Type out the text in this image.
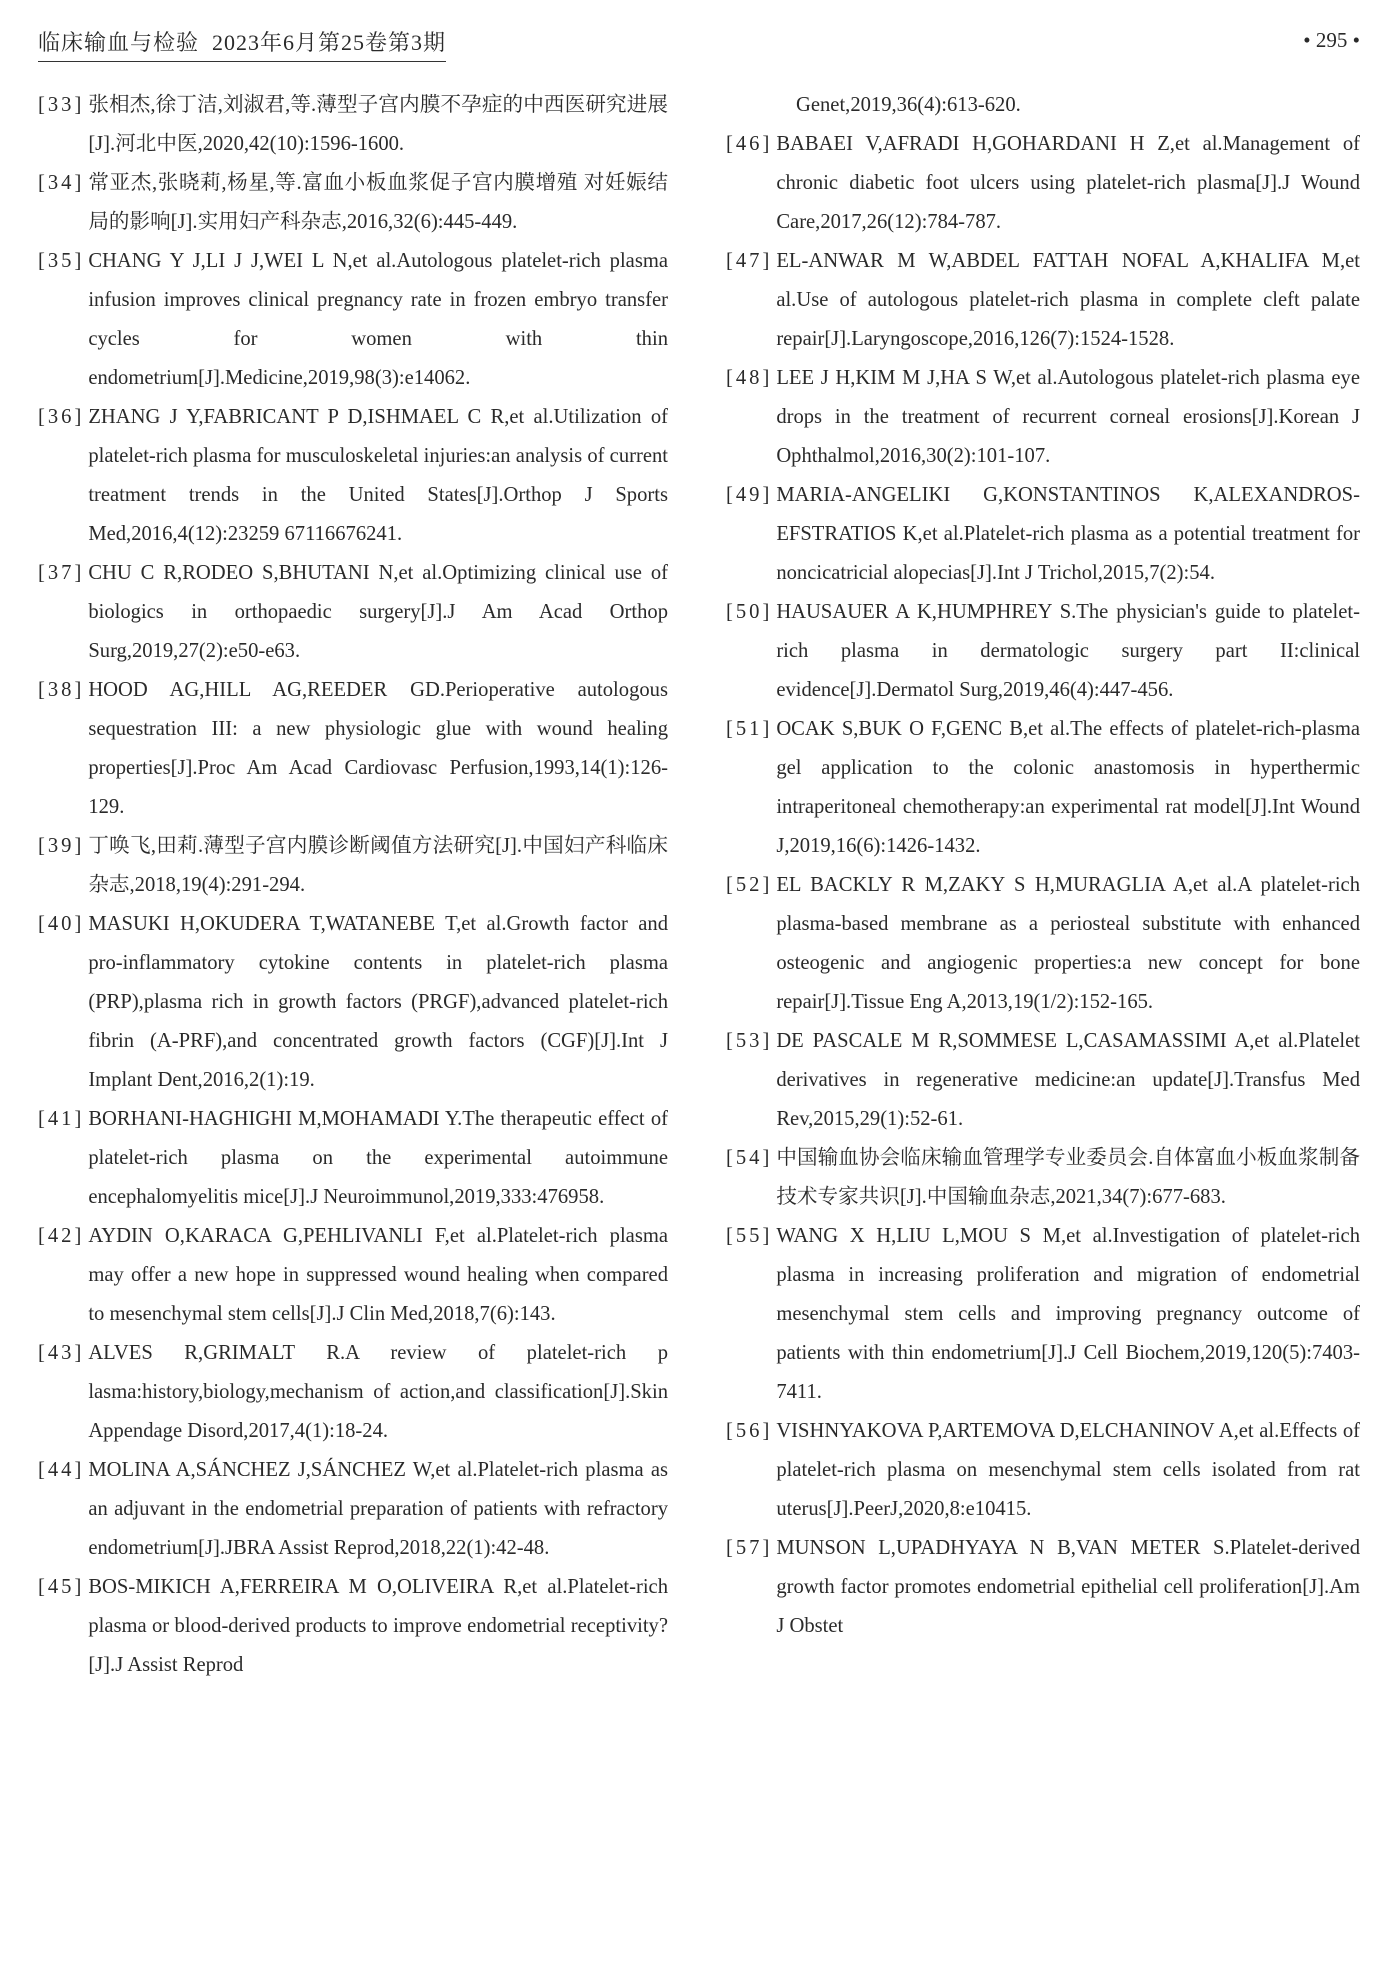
临床输血与检验 2023年6月第25卷第3期	• 295 •
[33] 张相杰,徐丁洁,刘淑君,等.薄型子宫内膜不孕症的中西医研究进展[J].河北中医,2020,42(10):1596-1600.
[34] 常亚杰,张晓莉,杨星,等.富血小板血浆促子宫内膜增殖 对妊娠结局的影响[J].实用妇产科杂志,2016,32(6):445-449.
[35] CHANG Y J,LI J J,WEI L N,et al.Autologous platelet-rich plasma infusion improves clinical pregnancy rate in frozen embryo transfer cycles for women with thin endometrium[J].Medicine,2019,98(3):e14062.
[36] ZHANG J Y,FABRICANT P D,ISHMAEL C R,et al.Utilization of platelet-rich plasma for musculoskeletal injuries:an analysis of current treatment trends in the United States[J].Orthop J Sports Med,2016,4(12):23259 67116676241.
[37] CHU C R,RODEO S,BHUTANI N,et al.Optimizing clinical use of biologics in orthopaedic surgery[J].J Am Acad Orthop Surg,2019,27(2):e50-e63.
[38] HOOD AG,HILL AG,REEDER GD.Perioperative autologous sequestration III: a new physiologic glue with wound healing properties[J].Proc Am Acad Cardiovasc Perfusion,1993,14(1):126-129.
[39] 丁唤飞,田莉.薄型子宫内膜诊断阈值方法研究[J].中国妇产科临床杂志,2018,19(4):291-294.
[40] MASUKI H,OKUDERA T,WATANEBE T,et al.Growth factor and pro-inflammatory cytokine contents in platelet-rich plasma (PRP),plasma rich in growth factors (PRGF),advanced platelet-rich fibrin (A-PRF),and concentrated growth factors (CGF)[J].Int J Implant Dent,2016,2(1):19.
[41] BORHANI-HAGHIGHI M,MOHAMADI Y.The therapeutic effect of platelet-rich plasma on the experimental autoimmune encephalomyelitis mice[J].J Neuroimmunol,2019,333:476958.
[42] AYDIN O,KARACA G,PEHLIVANLI F,et al.Platelet-rich plasma may offer a new hope in suppressed wound healing when compared to mesenchymal stem cells[J].J Clin Med,2018,7(6):143.
[43] ALVES R,GRIMALT R.A review of platelet-rich p lasma:history,biology,mechanism of action,and classification[J].Skin Appendage Disord,2017,4(1):18-24.
[44] MOLINA A,SÁNCHEZ J,SÁNCHEZ W,et al.Platelet-rich plasma as an adjuvant in the endometrial preparation of patients with refractory endometrium[J].JBRA Assist Reprod,2018,22(1):42-48.
[45] BOS-MIKICH A,FERREIRA M O,OLIVEIRA R,et al.Platelet-rich plasma or blood-derived products to improve endometrial receptivity?[J].J Assist Reprod
Genet,2019,36(4):613-620.
[46] BABAEI V,AFRADI H,GOHARDANI H Z,et al.Management of chronic diabetic foot ulcers using platelet-rich plasma[J].J Wound Care,2017,26(12):784-787.
[47] EL-ANWAR M W,ABDEL FATTAH NOFAL A,KHALIFA M,et al.Use of autologous platelet-rich plasma in complete cleft palate repair[J].Laryngoscope,2016,126(7):1524-1528.
[48] LEE J H,KIM M J,HA S W,et al.Autologous platelet-rich plasma eye drops in the treatment of recurrent corneal erosions[J].Korean J Ophthalmol,2016,30(2):101-107.
[49] MARIA-ANGELIKI G,KONSTANTINOS K,ALEXANDROS-EFSTRATIOS K,et al.Platelet-rich plasma as a potential treatment for noncicatricial alopecias[J].Int J Trichol,2015,7(2):54.
[50] HAUSAUER A K,HUMPHREY S.The physician's guide to platelet-rich plasma in dermatologic surgery part II:clinical evidence[J].Dermatol Surg,2019,46(4):447-456.
[51] OCAK S,BUK O F,GENC B,et al.The effects of platelet-rich-plasma gel application to the colonic anastomosis in hyperthermic intraperitoneal chemotherapy:an experimental rat model[J].Int Wound J,2019,16(6):1426-1432.
[52] EL BACKLY R M,ZAKY S H,MURAGLIA A,et al.A platelet-rich plasma-based membrane as a periosteal substitute with enhanced osteogenic and angiogenic properties:a new concept for bone repair[J].Tissue Eng A,2013,19(1/2):152-165.
[53] DE PASCALE M R,SOMMESE L,CASAMASSIMI A,et al.Platelet derivatives in regenerative medicine:an update[J].Transfus Med Rev,2015,29(1):52-61.
[54] 中国输血协会临床输血管理学专业委员会.自体富血小板血浆制备技术专家共识[J].中国输血杂志,2021,34(7):677-683.
[55] WANG X H,LIU L,MOU S M,et al.Investigation of platelet-rich plasma in increasing proliferation and migration of endometrial mesenchymal stem cells and improving pregnancy outcome of patients with thin endometrium[J].J Cell Biochem,2019,120(5):7403-7411.
[56] VISHNYAKOVA P,ARTEMOVA D,ELCHANINOV A,et al.Effects of platelet-rich plasma on mesenchymal stem cells isolated from rat uterus[J].PeerJ,2020,8:e10415.
[57] MUNSON L,UPADHYAYA N B,VAN METER S.Platelet-derived growth factor promotes endometrial epithelial cell proliferation[J].Am J Obstet
